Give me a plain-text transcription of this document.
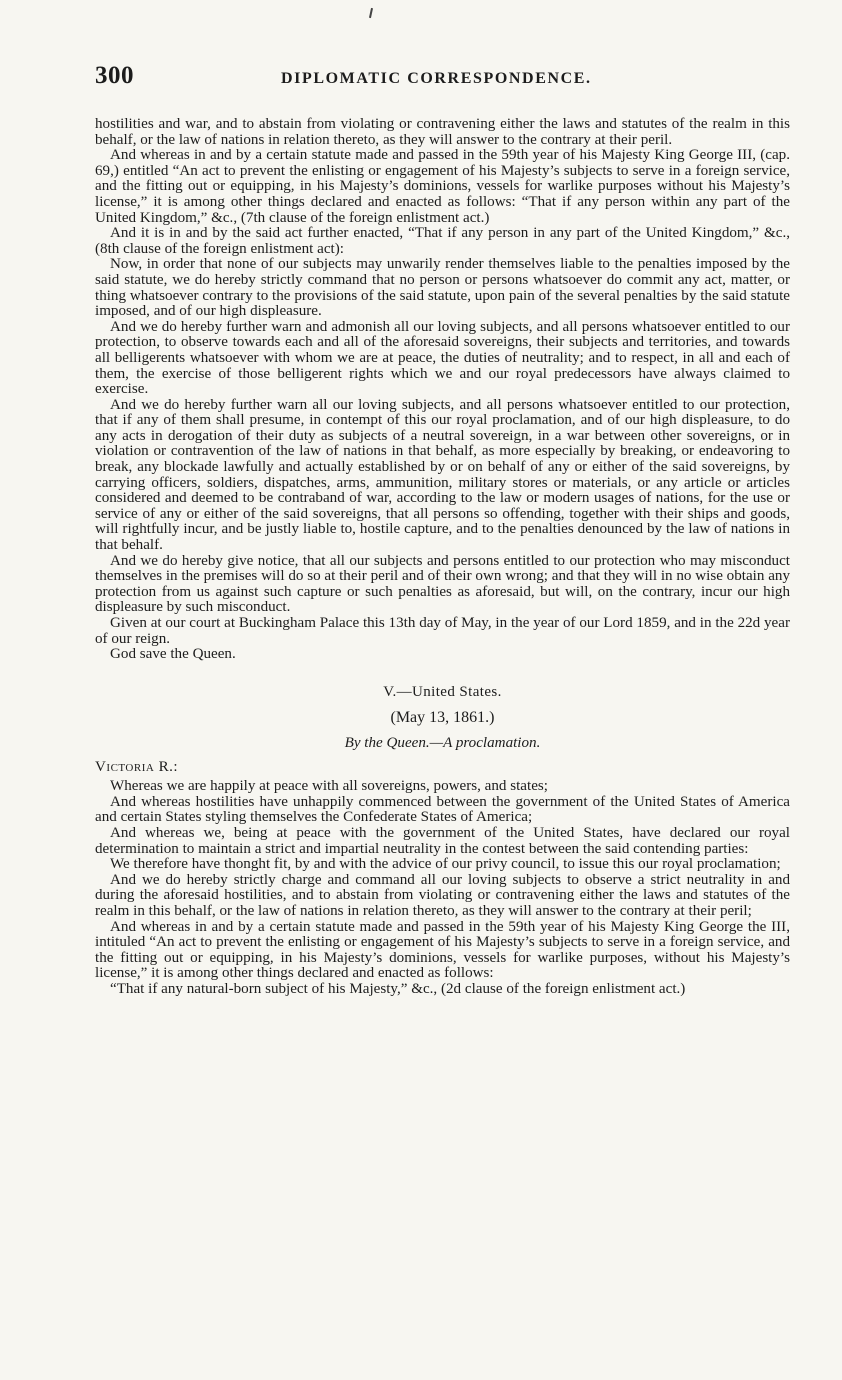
300	DIPLOMATIC CORRESPONDENCE.

hostilities and war, and to abstain from violating or contravening either the laws and statutes of the realm in this behalf, or the law of nations in relation thereto, as they will answer to the contrary at their peril.

And whereas in and by a certain statute made and passed in the 59th year of his Majesty King George III, (cap. 69,) entitled “An act to prevent the enlisting or engagement of his Majesty’s subjects to serve in a foreign service, and the fitting out or equipping, in his Majesty’s dominions, vessels for warlike purposes without his Majesty’s license,” it is among other things declared and enacted as follows: “That if any person within any part of the United Kingdom,” &c., (7th clause of the foreign enlistment act.)

And it is in and by the said act further enacted, “That if any person in any part of the United Kingdom,” &c., (8th clause of the foreign enlistment act):

Now, in order that none of our subjects may unwarily render themselves liable to the penalties imposed by the said statute, we do hereby strictly command that no person or persons whatsoever do commit any act, matter, or thing whatsoever contrary to the provisions of the said statute, upon pain of the several penalties by the said statute imposed, and of our high displeasure.

And we do hereby further warn and admonish all our loving subjects, and all persons whatsoever entitled to our protection, to observe towards each and all of the aforesaid sovereigns, their subjects and territories, and towards all belligerents whatsoever with whom we are at peace, the duties of neutrality; and to respect, in all and each of them, the exercise of those belligerent rights which we and our royal predecessors have always claimed to exercise.

And we do hereby further warn all our loving subjects, and all persons whatsoever entitled to our protection, that if any of them shall presume, in contempt of this our royal proclamation, and of our high displeasure, to do any acts in derogation of their duty as subjects of a neutral sovereign, in a war between other sovereigns, or in violation or contravention of the law of nations in that behalf, as more especially by breaking, or endeavoring to break, any blockade lawfully and actually established by or on behalf of any or either of the said sovereigns, by carrying officers, soldiers, dispatches, arms, ammunition, military stores or materials, or any article or articles considered and deemed to be contraband of war, according to the law or modern usages of nations, for the use or service of any or either of the said sovereigns, that all persons so offending, together with their ships and goods, will rightfully incur, and be justly liable to, hostile capture, and to the penalties denounced by the law of nations in that behalf.

And we do hereby give notice, that all our subjects and persons entitled to our protection who may misconduct themselves in the premises will do so at their peril and of their own wrong; and that they will in no wise obtain any protection from us against such capture or such penalties as aforesaid, but will, on the contrary, incur our high displeasure by such misconduct.

Given at our court at Buckingham Palace this 13th day of May, in the year of our Lord 1859, and in the 22d year of our reign.

God save the Queen.

V.—United States.

(May 13, 1861.)

By the Queen.—A proclamation.

Victoria R.:

Whereas we are happily at peace with all sovereigns, powers, and states;

And whereas hostilities have unhappily commenced between the government of the United States of America and certain States styling themselves the Confederate States of America;

And whereas we, being at peace with the government of the United States, have declared our royal determination to maintain a strict and impartial neutrality in the contest between the said contending parties:

We therefore have thonght fit, by and with the advice of our privy council, to issue this our royal proclamation;

And we do hereby strictly charge and command all our loving subjects to observe a strict neutrality in and during the aforesaid hostilities, and to abstain from violating or contravening either the laws and statutes of the realm in this behalf, or the law of nations in relation thereto, as they will answer to the contrary at their peril;

And whereas in and by a certain statute made and passed in the 59th year of his Majesty King George the III, intituled “An act to prevent the enlisting or engagement of his Majesty’s subjects to serve in a foreign service, and the fitting out or equipping, in his Majesty’s dominions, vessels for warlike purposes, without his Majesty’s license,” it is among other things declared and enacted as follows:

“That if any natural-born subject of his Majesty,” &c., (2d clause of the foreign enlistment act.)
